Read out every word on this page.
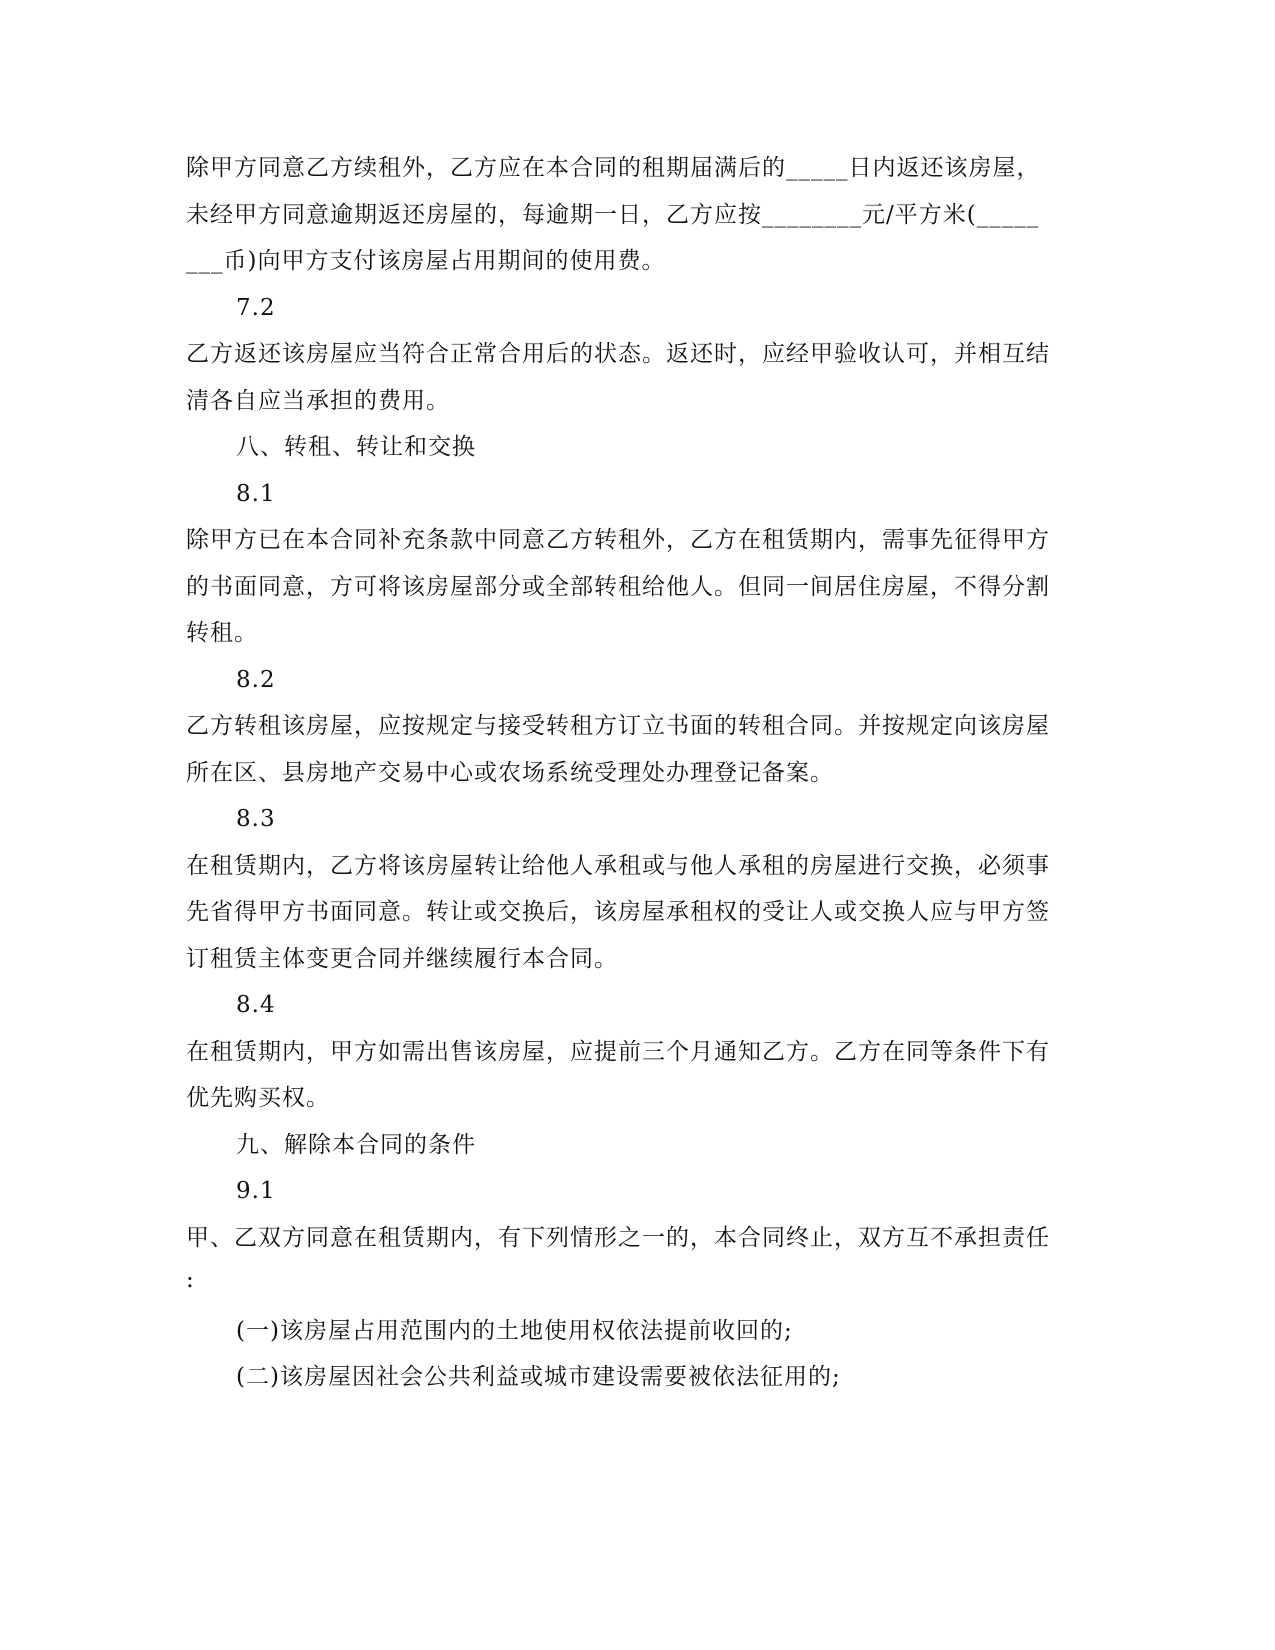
除甲方同意乙方续租外，乙方应在本合同的租期届满后的_____日内返还该房屋，

未经甲方同意逾期返还房屋的，每逾期一日，乙方应按________元/平方米(_____

___币)向甲方支付该房屋占用期间的使用费。

7.2

乙方返还该房屋应当符合正常合用后的状态。返还时，应经甲验收认可，并相互结

清各自应当承担的费用。

八、转租、转让和交换

8.1

除甲方已在本合同补充条款中同意乙方转租外，乙方在租赁期内，需事先征得甲方

的书面同意，方可将该房屋部分或全部转租给他人。但同一间居住房屋，不得分割

转租。

8.2

乙方转租该房屋，应按规定与接受转租方订立书面的转租合同。并按规定向该房屋

所在区、县房地产交易中心或农场系统受理处办理登记备案。

8.3

在租赁期内，乙方将该房屋转让给他人承租或与他人承租的房屋进行交换，必须事

先省得甲方书面同意。转让或交换后，该房屋承租权的受让人或交换人应与甲方签

订租赁主体变更合同并继续履行本合同。

8.4

在租赁期内，甲方如需出售该房屋，应提前三个月通知乙方。乙方在同等条件下有

优先购买权。

九、解除本合同的条件

9.1

甲、乙双方同意在租赁期内，有下列情形之一的，本合同终止，双方互不承担责任

:

(一)该房屋占用范围内的土地使用权依法提前收回的;

(二)该房屋因社会公共利益或城市建设需要被依法征用的;
